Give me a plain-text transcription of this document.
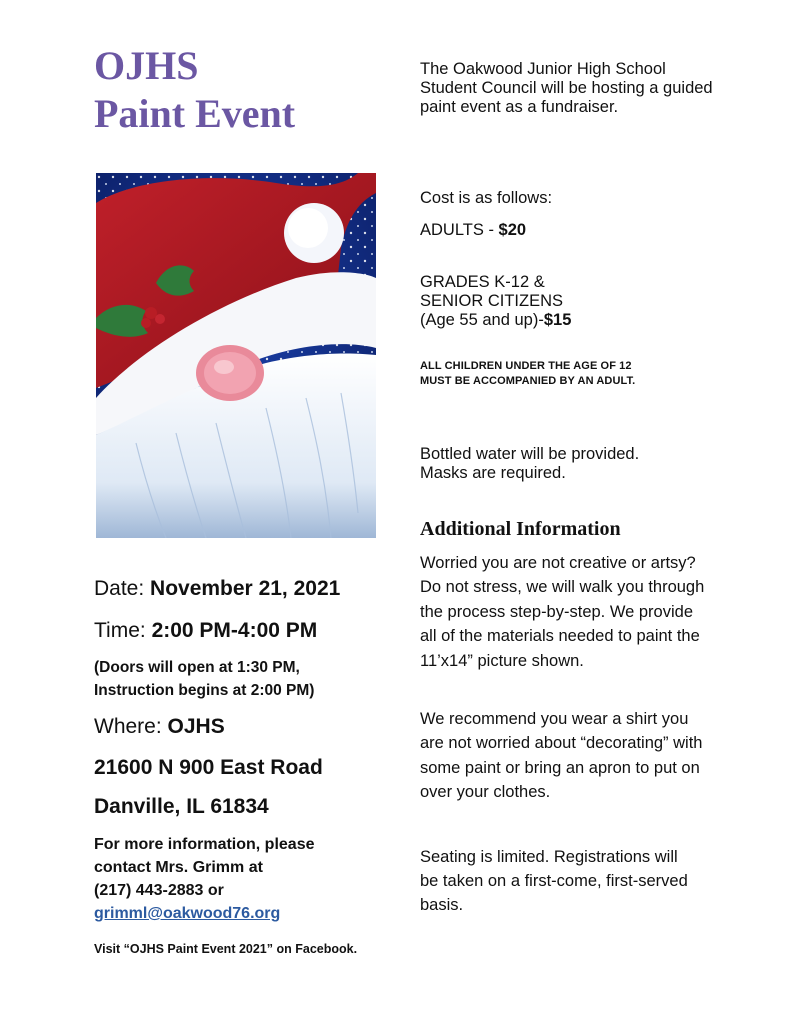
OJHS
Paint Event

The Oakwood Junior High School Student Council will be hosting a guided paint event as a fundraiser.

Cost is as follows:

ADULTS - $20

GRADES K-12 &
SENIOR CITIZENS
(Age 55 and up)-$15

ALL CHILDREN UNDER THE AGE OF 12
MUST BE ACCOMPANIED BY AN ADULT.

Bottled water will be provided.
Masks are required.

Additional Information

Worried you are not creative or artsy? Do not stress, we will walk you through the process step-by-step. We provide all of the materials needed to paint the 11’x14” picture shown.

We recommend you wear a shirt you are not worried about “decorating” with some paint or bring an apron to put on over your clothes.

Seating is limited. Registrations will be taken on a first-come, first-served basis.

Date: November 21, 2021
Time: 2:00 PM-4:00 PM
(Doors will open at 1:30 PM,
Instruction begins at 2:00 PM)
Where: OJHS
21600 N 900 East Road
Danville, IL 61834
For more information, please
contact Mrs. Grimm at
(217) 443-2883 or
grimml@oakwood76.org
Visit “OJHS Paint Event 2021” on Facebook.
